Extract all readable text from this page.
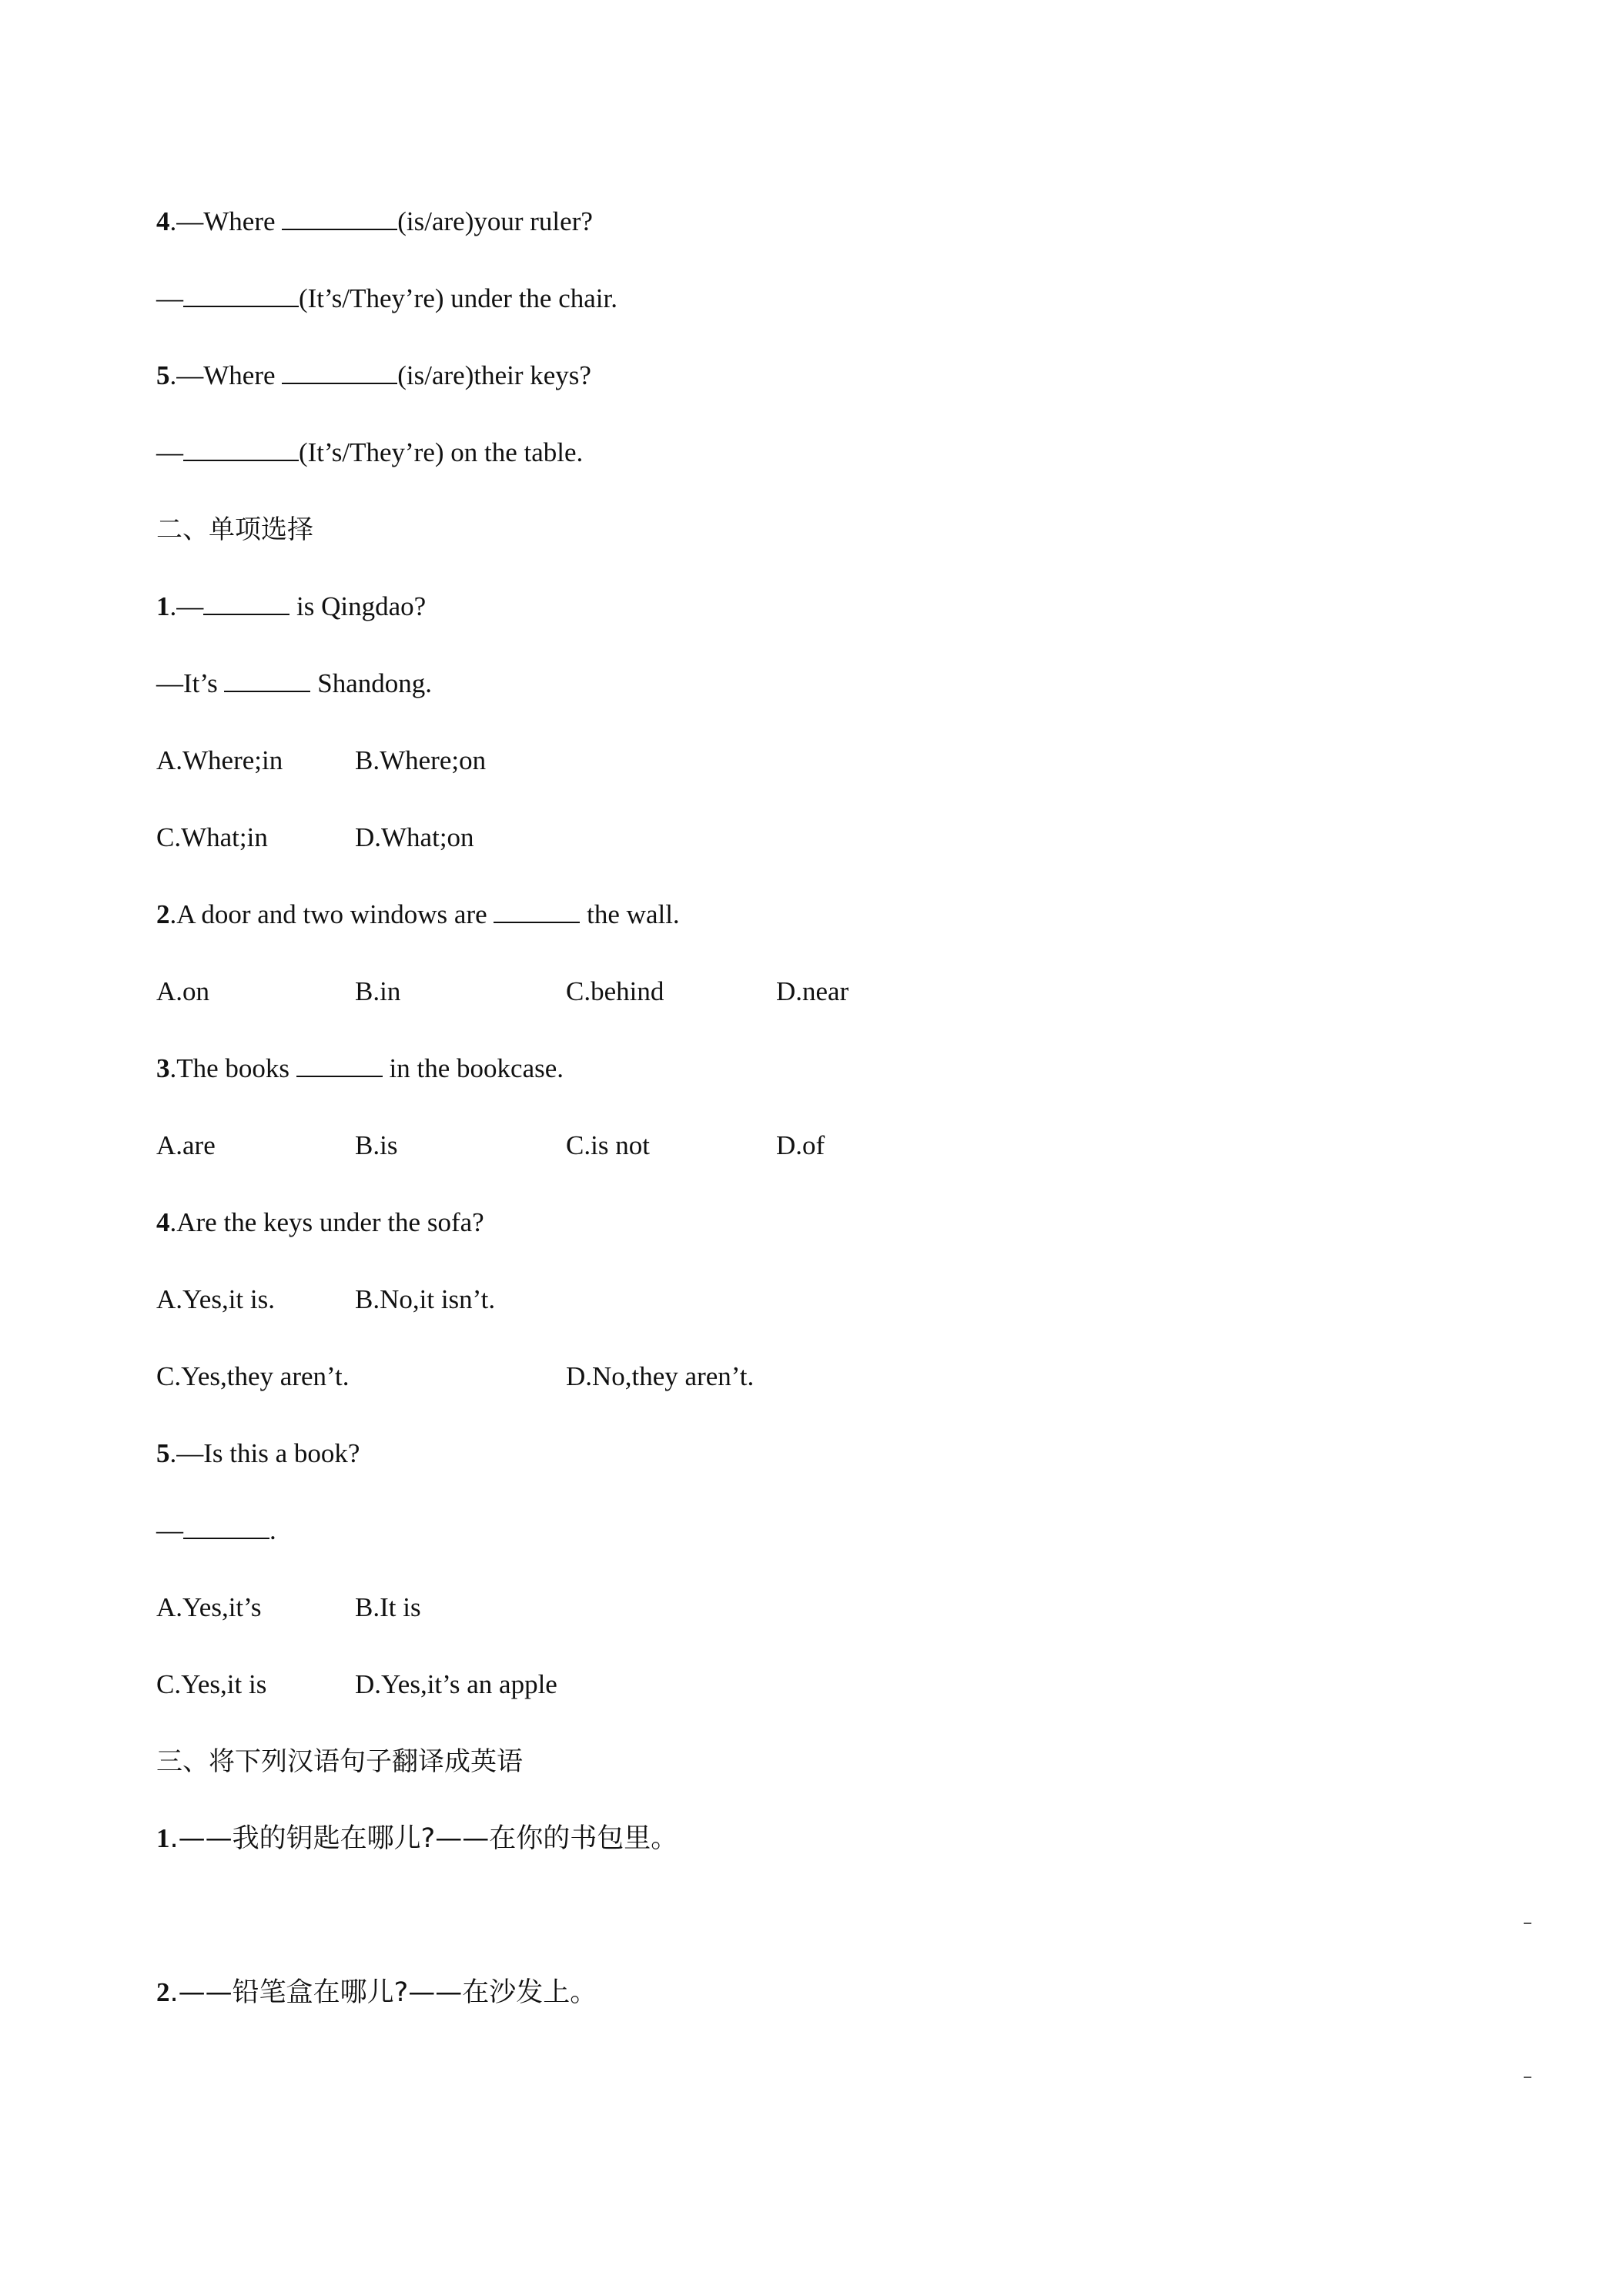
4.—Where	(is/are)your ruler?
—	(It’s/They’re) under the chair.
5.—Where	(is/are)their keys?
—	(It’s/They’re) on the table.
二、单项选择
1.—	is Qingdao?
—It’s	Shandong.
A.Where;in	B.Where;on
C.What;in	D.What;on
2.A door and two windows are	the wall.
A.on	B.in	C.behind	D.near
3.The books	in the bookcase.
A.are	B.is	C.is not	D.of
4.Are the keys under the sofa?
A.Yes,it is.	B.No,it isn’t.
C.Yes,they aren’t.	D.No,they aren’t.
5.—Is this a book?
—	.
A.Yes,it’s	B.It is
C.Yes,it is	D.Yes,it’s an apple
三、将下列汉语句子翻译成英语
1.——我的钥匙在哪儿?——在你的书包里。
2.——铅笔盒在哪儿?——在沙发上。
